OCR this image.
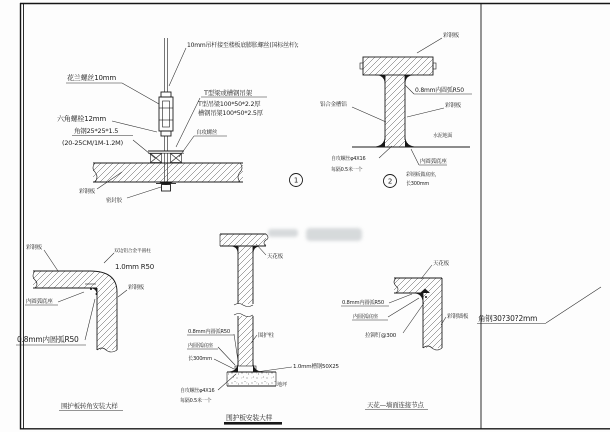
10mm吊杆接至楼板底膨胀螺丝(国标丝杆);
花兰螺丝10mm
六角螺栓12mm
角钢25*25*1.5
(20-25CM/1M-1.2M)
T型梁或槽钢吊架
T型吊梁100*50*2.2厚
槽钢吊架100*50*2.5厚
自攻螺丝
彩钢板
密封胶
1
彩钢板
0.8mm内圆弧R50
彩钢板
铝合金槽铝
水泥地面
自攻螺丝φ4X16
每隔0.5米一个
内圆弧底座
彩钢板做底座，
长300mm
2
彩钢板
双边铝合金半圆柱
1.0mm R50
彩钢板
内圆弧底座
0.8mm内圆弧R50
围护板转角安装大样
天花板
0.8mm内圆弧R50
内圆弧底座
长300mm
围护柱
1.0mm槽钢50X25
地坪
自攻螺丝φ4X16
每隔0.5米一个
围护板安装大样
天花板
0.8mm内圆弧R50
内圆弧底座
拉铆钉@300
彩钢墙板 角钢30?30?2mm
天花—墙面连接节点
